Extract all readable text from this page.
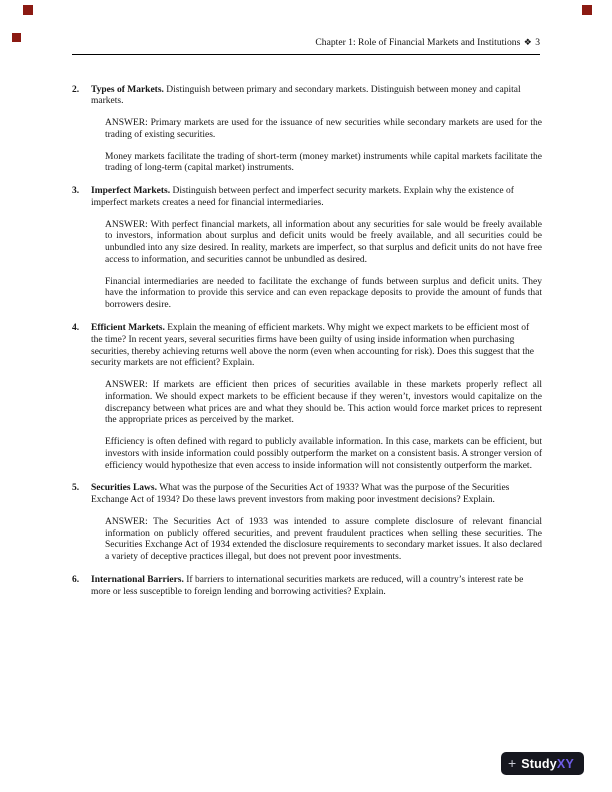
Chapter 1: Role of Financial Markets and Institutions ❖ 3
2.	Types of Markets. Distinguish between primary and secondary markets. Distinguish between money and capital markets.

ANSWER: Primary markets are used for the issuance of new securities while secondary markets are used for the trading of existing securities.

Money markets facilitate the trading of short-term (money market) instruments while capital markets facilitate the trading of long-term (capital market) instruments.

3.	Imperfect Markets. Distinguish between perfect and imperfect security markets. Explain why the existence of imperfect markets creates a need for financial intermediaries.

ANSWER: With perfect financial markets, all information about any securities for sale would be freely available to investors, information about surplus and deficit units would be freely available, and all securities could be unbundled into any size desired. In reality, markets are imperfect, so that surplus and deficit units do not have free access to information, and securities cannot be unbundled as desired.

Financial intermediaries are needed to facilitate the exchange of funds between surplus and deficit units. They have the information to provide this service and can even repackage deposits to provide the amount of funds that borrowers desire.

4.	Efficient Markets. Explain the meaning of efficient markets. Why might we expect markets to be efficient most of the time? In recent years, several securities firms have been guilty of using inside information when purchasing securities, thereby achieving returns well above the norm (even when accounting for risk). Does this suggest that the security markets are not efficient? Explain.

ANSWER: If markets are efficient then prices of securities available in these markets properly reflect all information. We should expect markets to be efficient because if they weren’t, investors would capitalize on the discrepancy between what prices are and what they should be. This action would force market prices to represent the appropriate prices as perceived by the market.

Efficiency is often defined with regard to publicly available information. In this case, markets can be efficient, but investors with inside information could possibly outperform the market on a consistent basis. A stronger version of efficiency would hypothesize that even access to inside information will not consistently outperform the market.

5.	Securities Laws. What was the purpose of the Securities Act of 1933? What was the purpose of the Securities Exchange Act of 1934? Do these laws prevent investors from making poor investment decisions? Explain.

ANSWER: The Securities Act of 1933 was intended to assure complete disclosure of relevant financial information on publicly offered securities, and prevent fraudulent practices when selling these securities. The Securities Exchange Act of 1934 extended the disclosure requirements to secondary market issues. It also declared a variety of deceptive practices illegal, but does not prevent poor investments.

6.	International Barriers. If barriers to international securities markets are reduced, will a country’s interest rate be more or less susceptible to foreign lending and borrowing activities? Explain.

+ StudyXY
